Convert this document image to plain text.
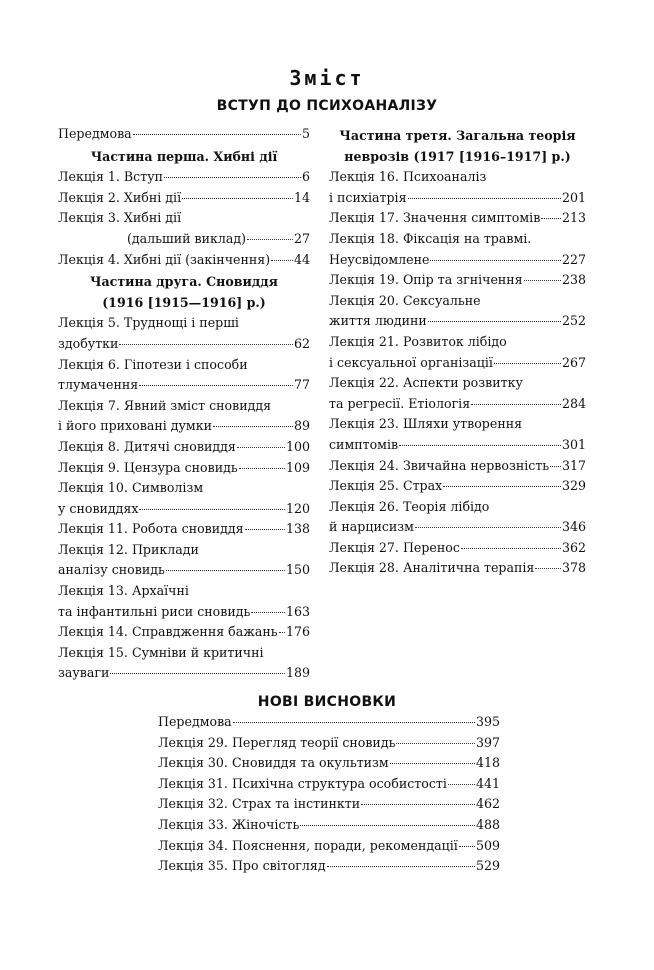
Зміст
ВСТУП ДО ПСИХОАНАЛІЗУ
Передмова	5
Частина перша. Хибні дії
Лекція 1. Вступ	6
Лекція 2. Хибні дії	14
Лекція 3. Хибні дії
(дальший виклад)	27
Лекція 4. Хибні дії (закінчення) 44
Частина друга. Сновиддя
(1916 [1915—1916] р.)
Лекція 5. Труднощі і перші
здобутки	62
Лекція 6. Гіпотези і способи
тлумачення	77
Лекція 7. Явний зміст сновиддя
і його приховані думки	89
Лекція 8. Дитячі сновиддя	100
Лекція 9. Цензура сновидь	109
Лекція 10. Символізм
у сновиддях	120
Лекція 11. Робота сновиддя	138
Лекція 12. Приклади
аналізу сновидь	150
Лекція 13. Архаїчні
та інфантильні риси сновидь	163
Лекція 14. Справдження бажань 176
Лекція 15. Сумніви й критичні
зауваги	189
Частина третя. Загальна теорія
неврозів (1917 [1916–1917] р.)
Лекція 16. Психоаналіз
і психіатрія	201
Лекція 17. Значення симптомів 213
Лекція 18. Фіксація на травмі.
Неусвідомлене	227
Лекція 19. Опір та згнічення	238
Лекція 20. Сексуальне
життя людини	252
Лекція 21. Розвиток лібідо
і сексуальної організації	267
Лекція 22. Аспекти розвитку
та регресії. Етіологія	284
Лекція 23. Шляхи утворення
симптомів	301
Лекція 24. Звичайна нервозність 317
Лекція 25. Страх	329
Лекція 26. Теорія лібідо
й нарцисизм	346
Лекція 27. Перенос	362
Лекція 28. Аналітична терапія 378
НОВІ ВИСНОВКИ
Передмова	395
Лекція 29. Перегляд теорії сновидь	397
Лекція 30. Сновиддя та окультизм	418
Лекція 31. Психічна структура особистості 441
Лекція 32. Страх та інстинкти	462
Лекція 33. Жіночість	488
Лекція 34. Пояснення, поради, рекомендації 509
Лекція 35. Про світогляд	529
